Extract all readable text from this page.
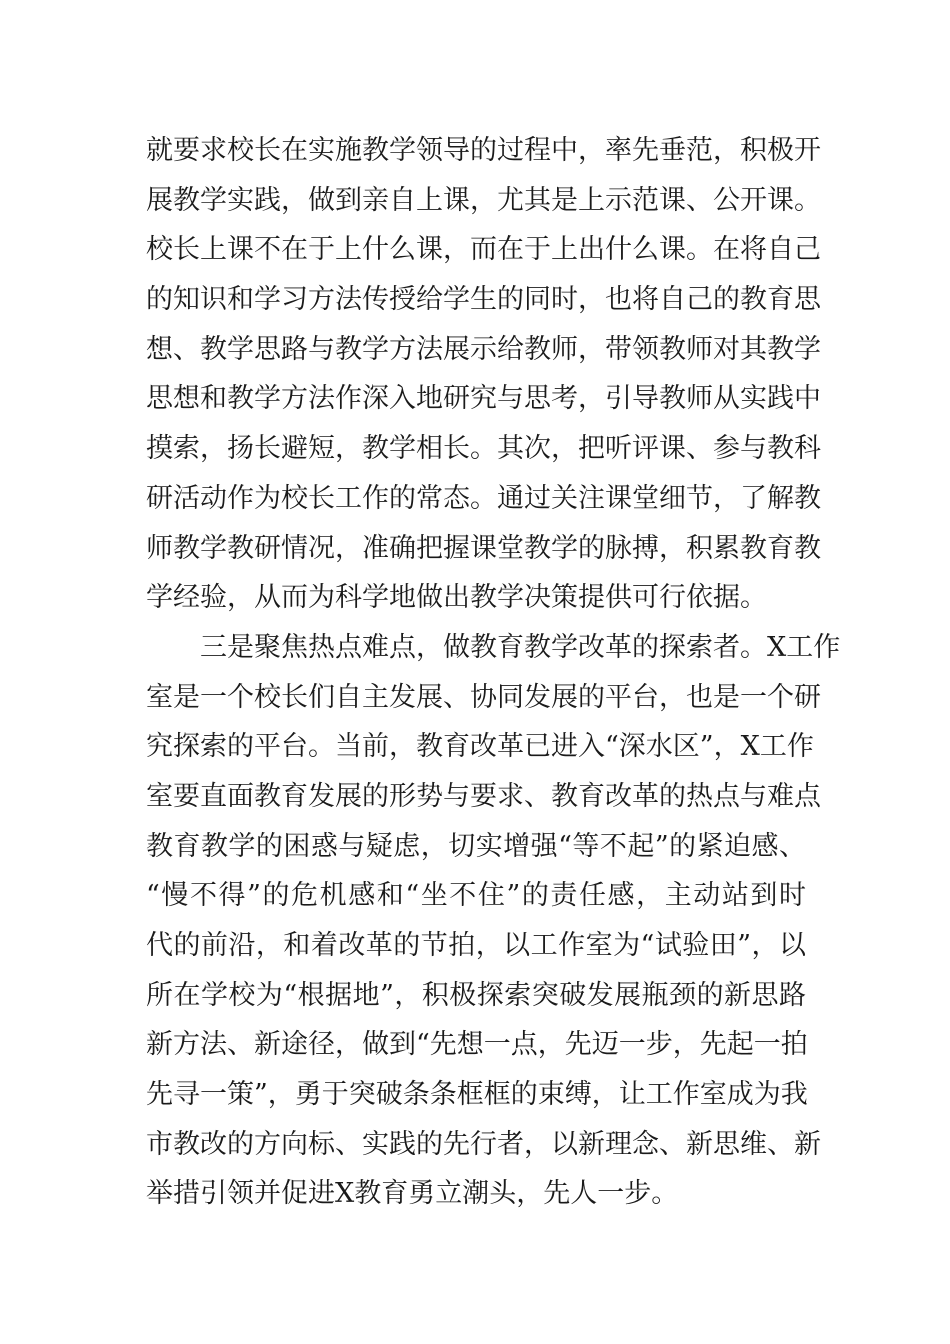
就要求校长在实施教学领导的过程中，率先垂范，积极开
展教学实践，做到亲自上课，尤其是上示范课、公开课。
校长上课不在于上什么课，而在于上出什么课。在将自己
的知识和学习方法传授给学生的同时，也将自己的教育思
想、教学思路与教学方法展示给教师，带领教师对其教学
思想和教学方法作深入地研究与思考，引导教师从实践中
摸索，扬长避短，教学相长。其次，把听评课、参与教科
研活动作为校长工作的常态。通过关注课堂细节，了解教
师教学教研情况，准确把握课堂教学的脉搏，积累教育教
学经验，从而为科学地做出教学决策提供可行依据。
三是聚焦热点难点，做教育教学改革的探索者。X工作
室是一个校长们自主发展、协同发展的平台，也是一个研
究探索的平台。当前，教育改革已进入“深水区”，X工作
室要直面教育发展的形势与要求、教育改革的热点与难点
教育教学的困惑与疑虑，切实增强“等不起”的紧迫感、
“慢不得”的危机感和“坐不住”的责任感，主动站到时
代的前沿，和着改革的节拍，以工作室为“试验田”，以
所在学校为“根据地”，积极探索突破发展瓶颈的新思路
新方法、新途径，做到“先想一点，先迈一步，先起一拍
先寻一策”，勇于突破条条框框的束缚，让工作室成为我
市教改的方向标、实践的先行者，以新理念、新思维、新
举措引领并促进X教育勇立潮头，先人一步。
